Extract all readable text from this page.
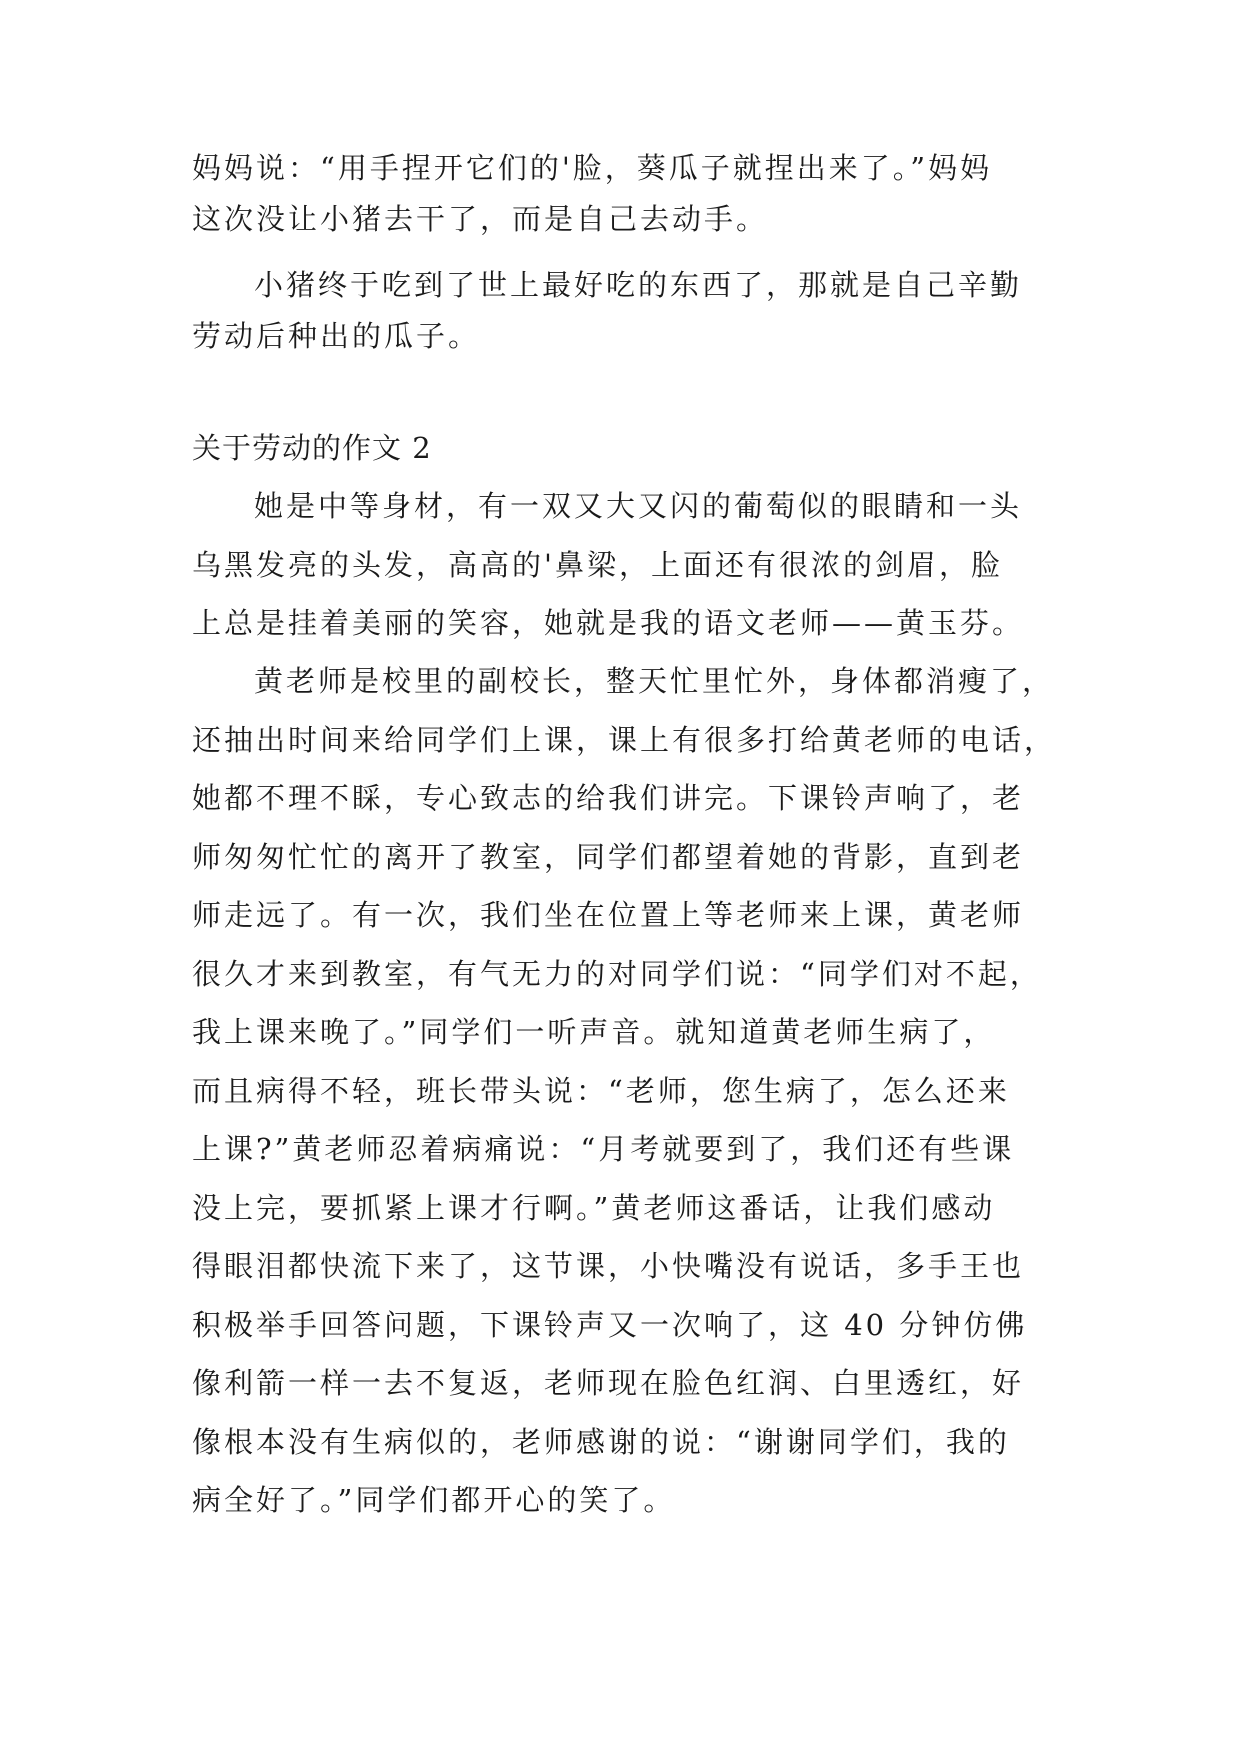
妈妈说：“用手捏开它们的'脸，葵瓜子就捏出来了。”妈妈

这次没让小猪去干了，而是自己去动手。

小猪终于吃到了世上最好吃的东西了，那就是自己辛勤

劳动后种出的瓜子。

关于劳动的作文 2

她是中等身材，有一双又大又闪的葡萄似的眼睛和一头

乌黑发亮的头发，高高的'鼻梁，上面还有很浓的剑眉，脸

上总是挂着美丽的笑容，她就是我的语文老师——黄玉芬。

黄老师是校里的副校长，整天忙里忙外，身体都消瘦了，

还抽出时间来给同学们上课，课上有很多打给黄老师的电话，

她都不理不睬，专心致志的给我们讲完。下课铃声响了，老

师匆匆忙忙的离开了教室，同学们都望着她的背影，直到老

师走远了。有一次，我们坐在位置上等老师来上课，黄老师

很久才来到教室，有气无力的对同学们说：“同学们对不起，

我上课来晚了。”同学们一听声音。就知道黄老师生病了，

而且病得不轻，班长带头说：“老师，您生病了，怎么还来

上课?”黄老师忍着病痛说：“月考就要到了，我们还有些课

没上完，要抓紧上课才行啊。”黄老师这番话，让我们感动

得眼泪都快流下来了，这节课，小快嘴没有说话，多手王也

积极举手回答问题，下课铃声又一次响了，这 40 分钟仿佛

像利箭一样一去不复返，老师现在脸色红润、白里透红，好

像根本没有生病似的，老师感谢的说：“谢谢同学们，我的

病全好了。”同学们都开心的笑了。
